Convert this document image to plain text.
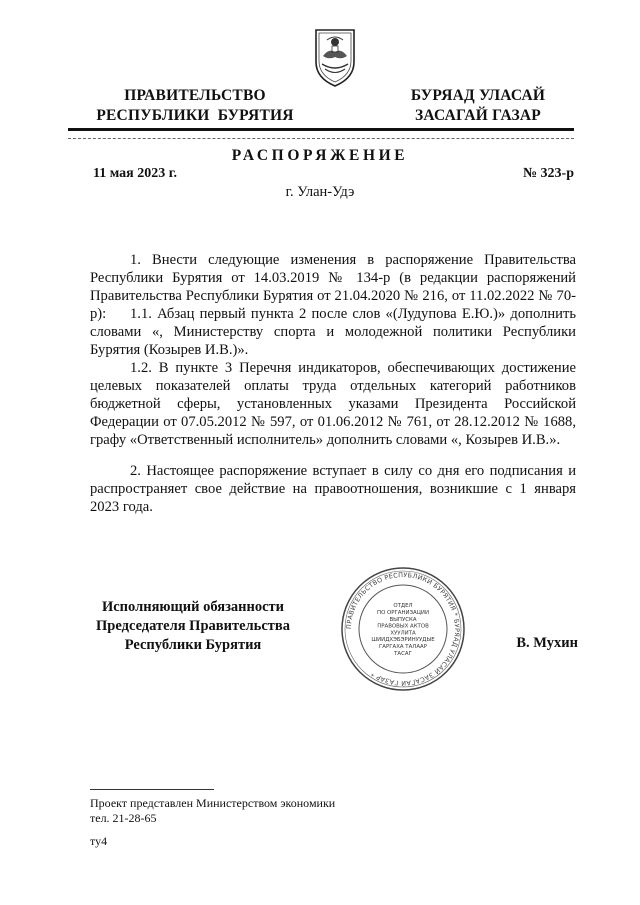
ПРАВИТЕЛЬСТВО
РЕСПУБЛИКИ  БУРЯТИЯ
БУРЯАД УЛАСАЙ
ЗАСАГАЙ ГАЗАР
РАСПОРЯЖЕНИЕ
11 мая 2023 г.	№ 323-р
г. Улан-Удэ

1. Внести следующие изменения в распоряжение Правительства Республики Бурятия от 14.03.2019 № 134-р (в редакции распоряжений Правительства Республики Бурятия от 21.04.2020 № 216, от 11.02.2022 № 70-р):	1.1. Абзац первый пункта 2 после слов «(Лудупова Е.Ю.)» дополнить словами «, Министерству спорта и молодежной политики Республики Бурятия (Козырев И.В.)».

1.2. В пункте 3 Перечня индикаторов, обеспечивающих достижение целевых показателей оплаты труда отдельных категорий работников бюджетной сферы, установленных указами Президента Российской Федерации от 07.05.2012 № 597, от 01.06.2012 № 761, от 28.12.2012 № 1688, графу «Ответственный исполнитель» дополнить словами «, Козырев И.В.».

2. Настоящее распоряжение вступает в силу со дня его подписания и распространяет свое действие на правоотношения, возникшие с 1 января 2023 года.

Исполняющий обязанности
Председателя Правительства
Республики Бурятия	В. Мухин
ПРАВИТЕЛЬСТВО РЕСПУБЛИКИ БУРЯТИЯ * БУРЯАД УЛАСАЙ ЗАСАГАЙ ГАЗАР *
ОТДЕЛ
ПО ОРГАНИЗАЦИИ
ВЫПУСКА
ПРАВОВЫХ АКТОВ
ХУУЛИТА
ШИИДХЭБЭРИНУУДЫЕ
ГАРГАХА ТАЛААР
ТАСАГ
Проект представлен Министерством экономики
тел. 21-28-65
ту4
